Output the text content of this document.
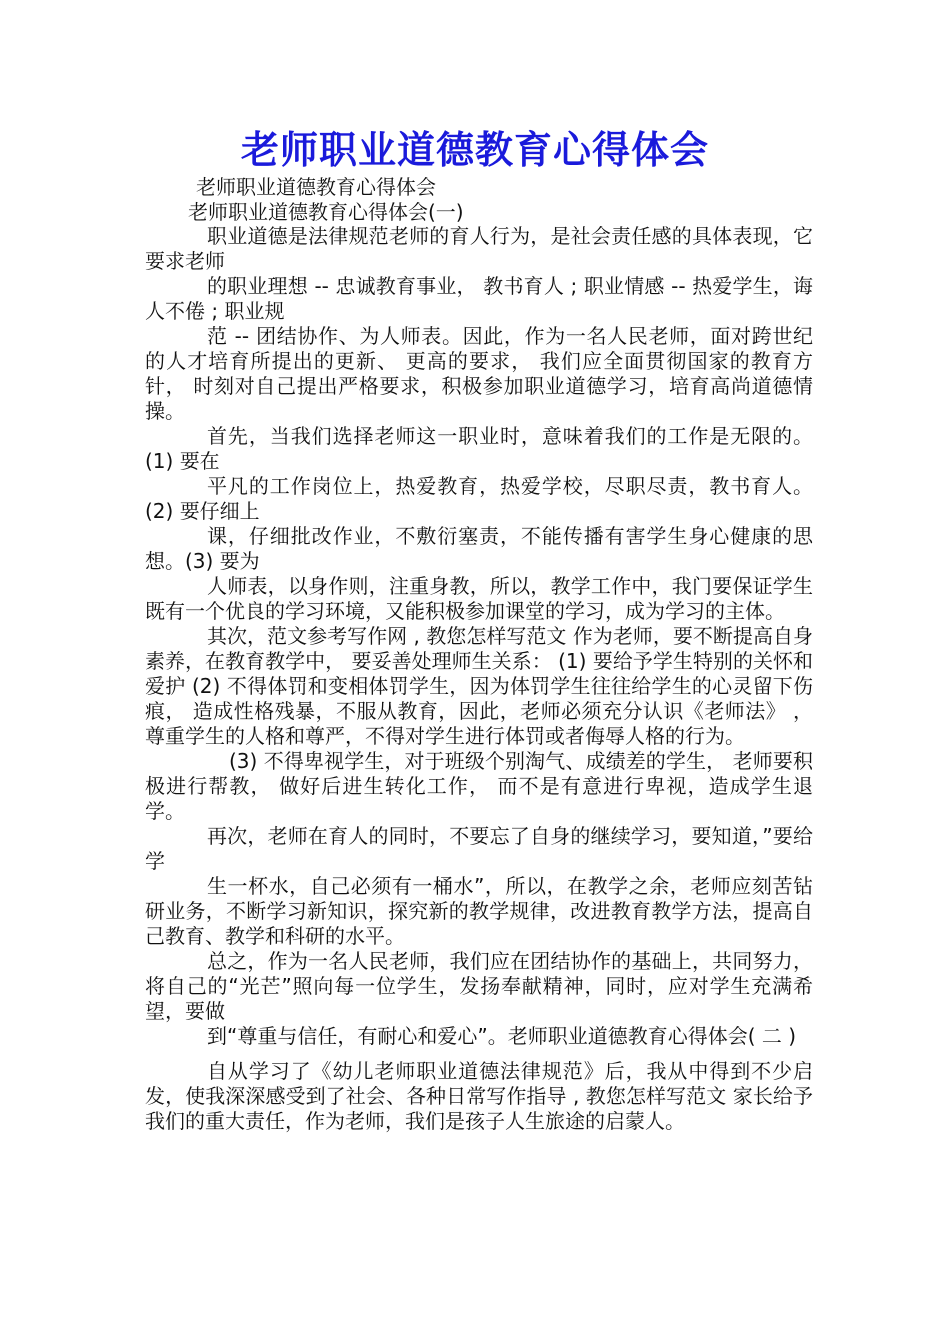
老师职业道德教育心得体会

老师职业道德教育心得体会

老师职业道德教育心得体会(一)

职业道德是法律规范老师的育人行为，是社会责任感的具体表现，它要求老师

的职业理想 -- 忠诚教育事业， 教书育人 ; 职业情感 -- 热爱学生，诲人不倦 ; 职业规

范 -- 团结协作、为人师表。因此，作为一名人民老师，面对跨世纪的人才培育所提出的更新、 更高的要求， 我们应全面贯彻国家的教育方针， 时刻对自己提出严格要求，积极参加职业道德学习，培育高尚道德情操。

首先，当我们选择老师这一职业时，意味着我们的工作是无限的。(1) 要在

平凡的工作岗位上，热爱教育，热爱学校，尽职尽责，教书育人。(2) 要仔细上

课，仔细批改作业，不敷衍塞责，不能传播有害学生身心健康的思想。(3) 要为

人师表，以身作则，注重身教，所以，教学工作中，我门要保证学生既有一个优良的学习环境，又能积极参加课堂的学习，成为学习的主体。

其次，范文参考写作网 , 教您怎样写范文 作为老师，要不断提高自身素养，在教育教学中， 要妥善处理师生关系： (1) 要给予学生特别的关怀和爱护 (2) 不得体罚和变相体罚学生，因为体罚学生往往给学生的心灵留下伤痕， 造成性格残暴，不服从教育，因此，老师必须充分认识《老师法》 ，尊重学生的人格和尊严，不得对学生进行体罚或者侮辱人格的行为。

(3) 不得卑视学生，对于班级个别淘气、成绩差的学生， 老师要积极进行帮教， 做好后进生转化工作， 而不是有意进行卑视，造成学生退学。

再次，老师在育人的同时，不要忘了自身的继续学习，要知道，”要给学

生一杯水，自己必须有一桶水”，所以，在教学之余，老师应刻苦钻研业务，不断学习新知识，探究新的教学规律，改进教育教学方法，提高自己教育、教学和科研的水平。

总之，作为一名人民老师，我们应在团结协作的基础上，共同努力，将自己的“光芒”照向每一位学生，发扬奉献精神，同时，应对学生充满希望，要做

到“尊重与信任，有耐心和爱心”。老师职业道德教育心得体会( 二 )

自从学习了《幼儿老师职业道德法律规范》后，我从中得到不少启发，使我深深感受到了社会、各种日常写作指导 , 教您怎样写范文 家长给予我们的重大责任，作为老师，我们是孩子人生旅途的启蒙人。
